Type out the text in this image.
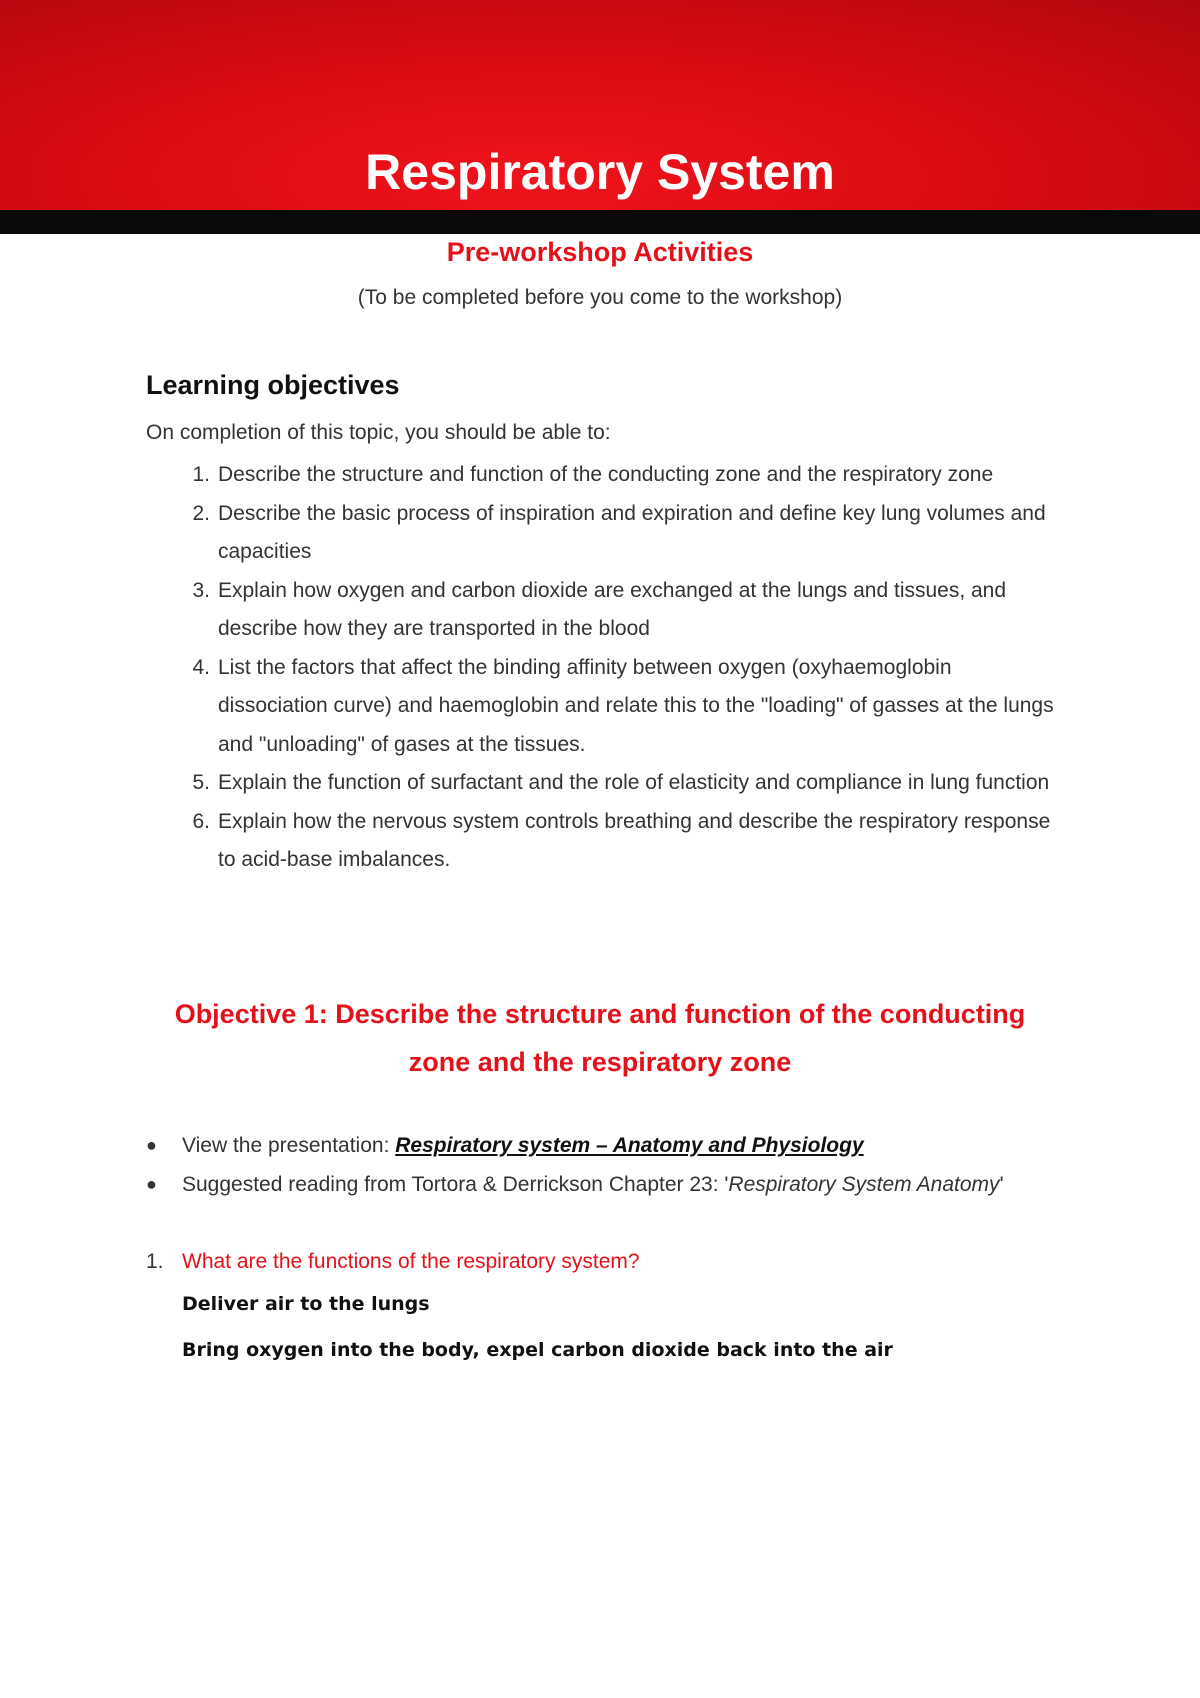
Respiratory System
Pre-workshop Activities
(To be completed before you come to the workshop)
Learning objectives
On completion of this topic, you should be able to:
1. Describe the structure and function of the conducting zone and the respiratory zone
2. Describe the basic process of inspiration and expiration and define key lung volumes and capacities
3. Explain how oxygen and carbon dioxide are exchanged at the lungs and tissues, and describe how they are transported in the blood
4. List the factors that affect the binding affinity between oxygen (oxyhaemoglobin dissociation curve) and haemoglobin and relate this to the "loading" of gasses at the lungs and "unloading" of gases at the tissues.
5. Explain the function of surfactant and the role of elasticity and compliance in lung function
6. Explain how the nervous system controls breathing and describe the respiratory response to acid-base imbalances.
Objective 1: Describe the structure and function of the conducting
zone and the respiratory zone
●	View the presentation: Respiratory system – Anatomy and Physiology
●	Suggested reading from Tortora & Derrickson Chapter 23: 'Respiratory System Anatomy'
1. What are the functions of the respiratory system?
Deliver air to the lungs
Bring oxygen into the body, expel carbon dioxide back into the air
